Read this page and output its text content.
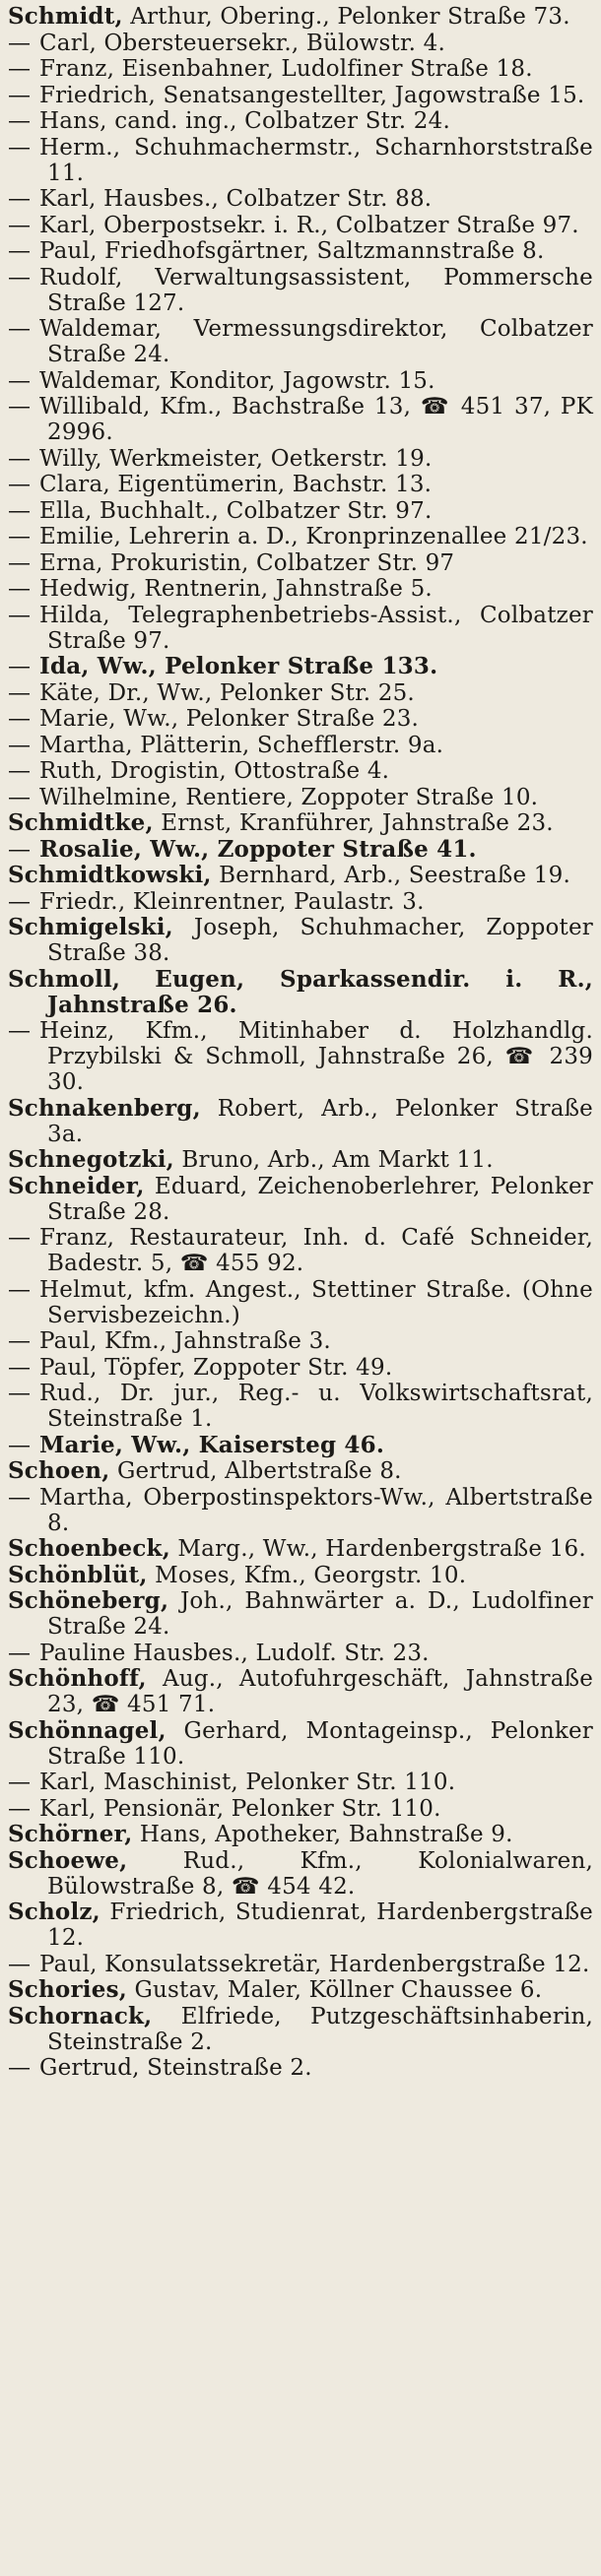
Schmidt, Arthur, Obering., Pelonker Straße 73.

— Carl, Obersteuersekr., Bülowstr. 4.

— Franz, Eisenbahner, Ludolfiner Straße 18.

— Friedrich, Senatsangestellter, Jagowstraße 15.

— Hans, cand. ing., Colbatzer Str. 24.

— Herm., Schuhmachermstr., Scharnhorststraße 11.

— Karl, Hausbes., Colbatzer Str. 88.

— Karl, Oberpostsekr. i. R., Colbatzer Straße 97.

— Paul, Friedhofsgärtner, Saltzmannstraße 8.

— Rudolf, Verwaltungsassistent, Pommersche Straße 127.

— Waldemar, Vermessungsdirektor, Colbatzer Straße 24.

— Waldemar, Konditor, Jagowstr. 15.

— Willibald, Kfm., Bachstraße 13, ☎ 451 37, PK 2996.

— Willy, Werkmeister, Oetkerstr. 19.

— Clara, Eigentümerin, Bachstr. 13.

— Ella, Buchhalt., Colbatzer Str. 97.

— Emilie, Lehrerin a. D., Kronprinzenallee 21/23.

— Erna, Prokuristin, Colbatzer Str. 97

— Hedwig, Rentnerin, Jahnstraße 5.

— Hilda, Telegraphenbetriebs-Assist., Colbatzer Straße 97.

— Ida, Ww., Pelonker Straße 133.

— Käte, Dr., Ww., Pelonker Str. 25.

— Marie, Ww., Pelonker Straße 23.

— Martha, Plätterin, Schefflerstr. 9a.

— Ruth, Drogistin, Ottostraße 4.

— Wilhelmine, Rentiere, Zoppoter Straße 10.

Schmidtke, Ernst, Kranführer, Jahnstraße 23.

— Rosalie, Ww., Zoppoter Straße 41.

Schmidtkowski, Bernhard, Arb., Seestraße 19.

— Friedr., Kleinrentner, Paulastr. 3.

Schmigelski, Joseph, Schuhmacher, Zoppoter Straße 38.

Schmoll, Eugen, Sparkassendir. i. R., Jahnstraße 26.

— Heinz, Kfm., Mitinhaber d. Holzhandlg. Przybilski & Schmoll, Jahnstraße 26, ☎ 239 30.

Schnakenberg, Robert, Arb., Pelonker Straße 3a.

Schnegotzki, Bruno, Arb., Am Markt 11.

Schneider, Eduard, Zeichenoberlehrer, Pelonker Straße 28.

— Franz, Restaurateur, Inh. d. Café Schneider, Badestr. 5, ☎ 455 92.

— Helmut, kfm. Angest., Stettiner Straße. (Ohne Servisbezeichn.)

— Paul, Kfm., Jahnstraße 3.

— Paul, Töpfer, Zoppoter Str. 49.

— Rud., Dr. jur., Reg.- u. Volkswirtschaftsrat, Steinstraße 1.

— Marie, Ww., Kaisersteg 46.

Schoen, Gertrud, Albertstraße 8.

— Martha, Oberpostinspektors-Ww., Albertstraße 8.

Schoenbeck, Marg., Ww., Hardenbergstraße 16.

Schönblüt, Moses, Kfm., Georgstr. 10.

Schöneberg, Joh., Bahnwärter a. D., Ludolfiner Straße 24.

— Pauline Hausbes., Ludolf. Str. 23.

Schönhoff, Aug., Autofuhrgeschäft, Jahnstraße 23, ☎ 451 71.

Schönnagel, Gerhard, Montageinsp., Pelonker Straße 110.

— Karl, Maschinist, Pelonker Str. 110.

— Karl, Pensionär, Pelonker Str. 110.

Schörner, Hans, Apotheker, Bahnstraße 9.

Schoewe, Rud., Kfm., Kolonialwaren, Bülowstraße 8, ☎ 454 42.

Scholz, Friedrich, Studienrat, Hardenbergstraße 12.

— Paul, Konsulatssekretär, Hardenbergstraße 12.

Schories, Gustav, Maler, Köllner Chaussee 6.

Schornack, Elfriede, Putzgeschäftsinhaberin, Steinstraße 2.

— Gertrud, Steinstraße 2.
